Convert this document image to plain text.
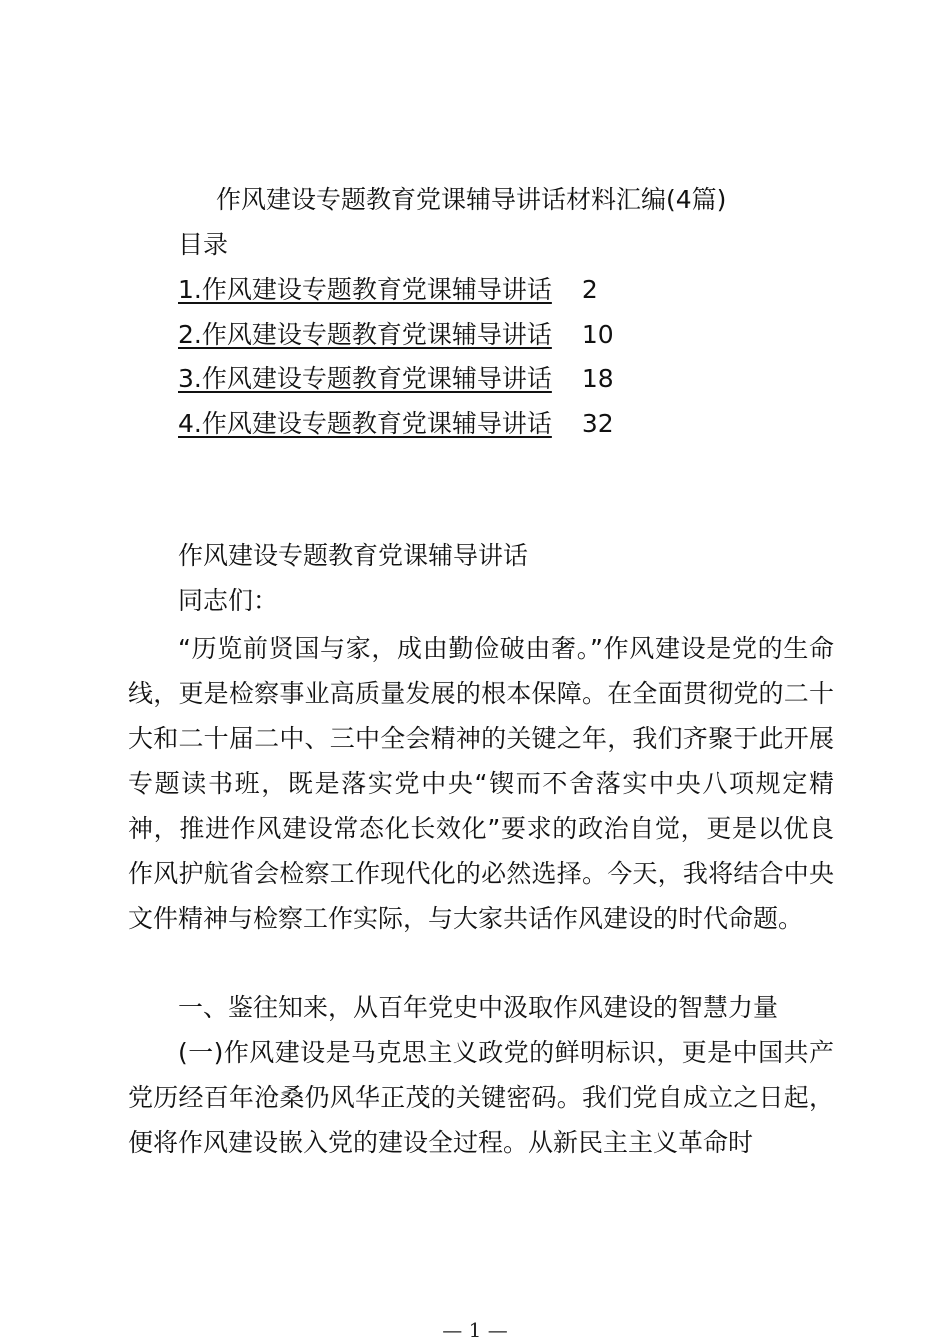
作风建设专题教育党课辅导讲话材料汇编(4篇)
目录
1.作风建设专题教育党课辅导讲话 2
2.作风建设专题教育党课辅导讲话 10
3.作风建设专题教育党课辅导讲话 18
4.作风建设专题教育党课辅导讲话 32
作风建设专题教育党课辅导讲话
同志们：

“历览前贤国与家，成由勤俭破由奢。”作风建设是党的生命线，更是检察事业高质量发展的根本保障。在全面贯彻党的二十大和二十届二中、三中全会精神的关键之年，我们齐聚于此开展专题读书班，既是落实党中央“锲而不舍落实中央八项规定精神，推进作风建设常态化长效化”要求的政治自觉，更是以优良作风护航省会检察工作现代化的必然选择。今天，我将结合中央文件精神与检察工作实际，与大家共话作风建设的时代命题。

一、鉴往知来，从百年党史中汲取作风建设的智慧力量

(一)作风建设是马克思主义政党的鲜明标识，更是中国共产党历经百年沧桑仍风华正茂的关键密码。我们党自成立之日起，便将作风建设嵌入党的建设全过程。从新民主主义革命时

— 1 —
